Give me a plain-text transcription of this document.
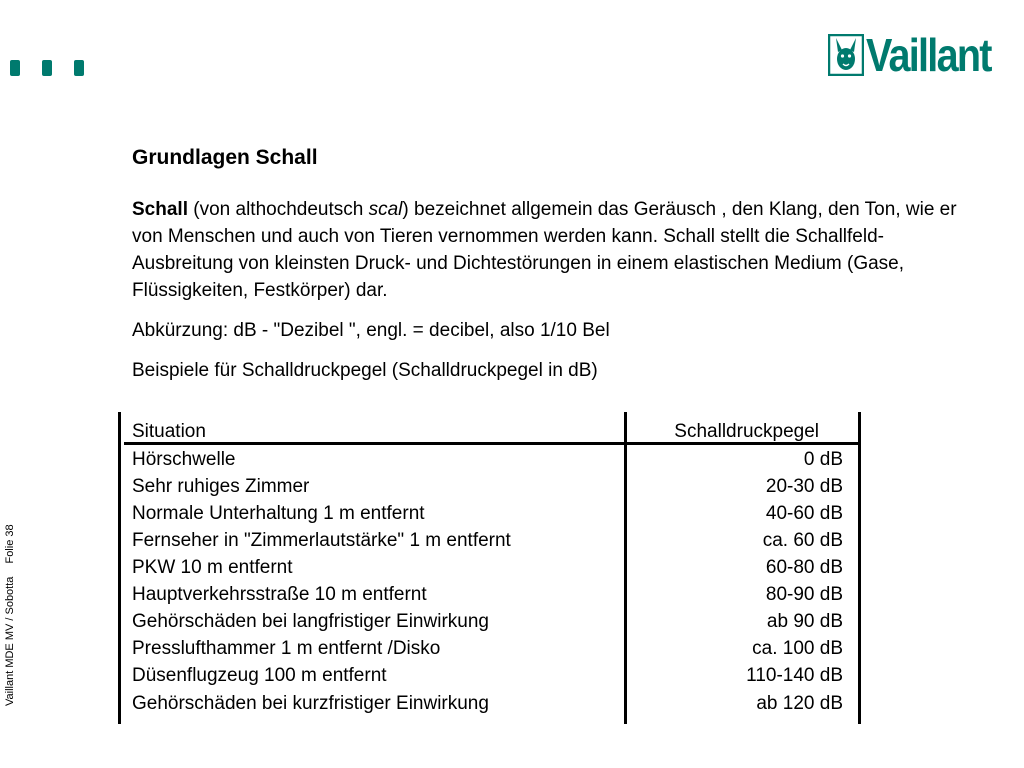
Vaillant
Vaillant MDE MV / Sobotta Folie 38
Grundlagen Schall

Schall (von althochdeutsch scal) bezeichnet allgemein das Geräusch , den Klang, den Ton, wie er von Menschen und auch von Tieren vernommen werden kann. Schall stellt die Schallfeld-Ausbreitung von kleinsten Druck- und Dichtestörungen in einem elastischen Medium (Gase, Flüssigkeiten, Festkörper) dar.

Abkürzung: dB - "Dezibel ", engl. = decibel, also 1/10 Bel

Beispiele für Schalldruckpegel (Schalldruckpegel in dB)

Situation	Schalldruckpegel
Hörschwelle	0 dB
Sehr ruhiges Zimmer	20-30 dB
Normale Unterhaltung 1 m entfernt	40-60 dB
Fernseher in "Zimmerlautstärke" 1 m entfernt	ca. 60 dB
PKW 10 m entfernt	60-80 dB
Hauptverkehrsstraße 10 m entfernt	80-90 dB
Gehörschäden bei langfristiger Einwirkung	ab 90 dB
Presslufthammer 1 m entfernt /Disko	ca. 100 dB
Düsenflugzeug 100 m entfernt	110-140 dB
Gehörschäden bei kurzfristiger Einwirkung	ab 120 dB
